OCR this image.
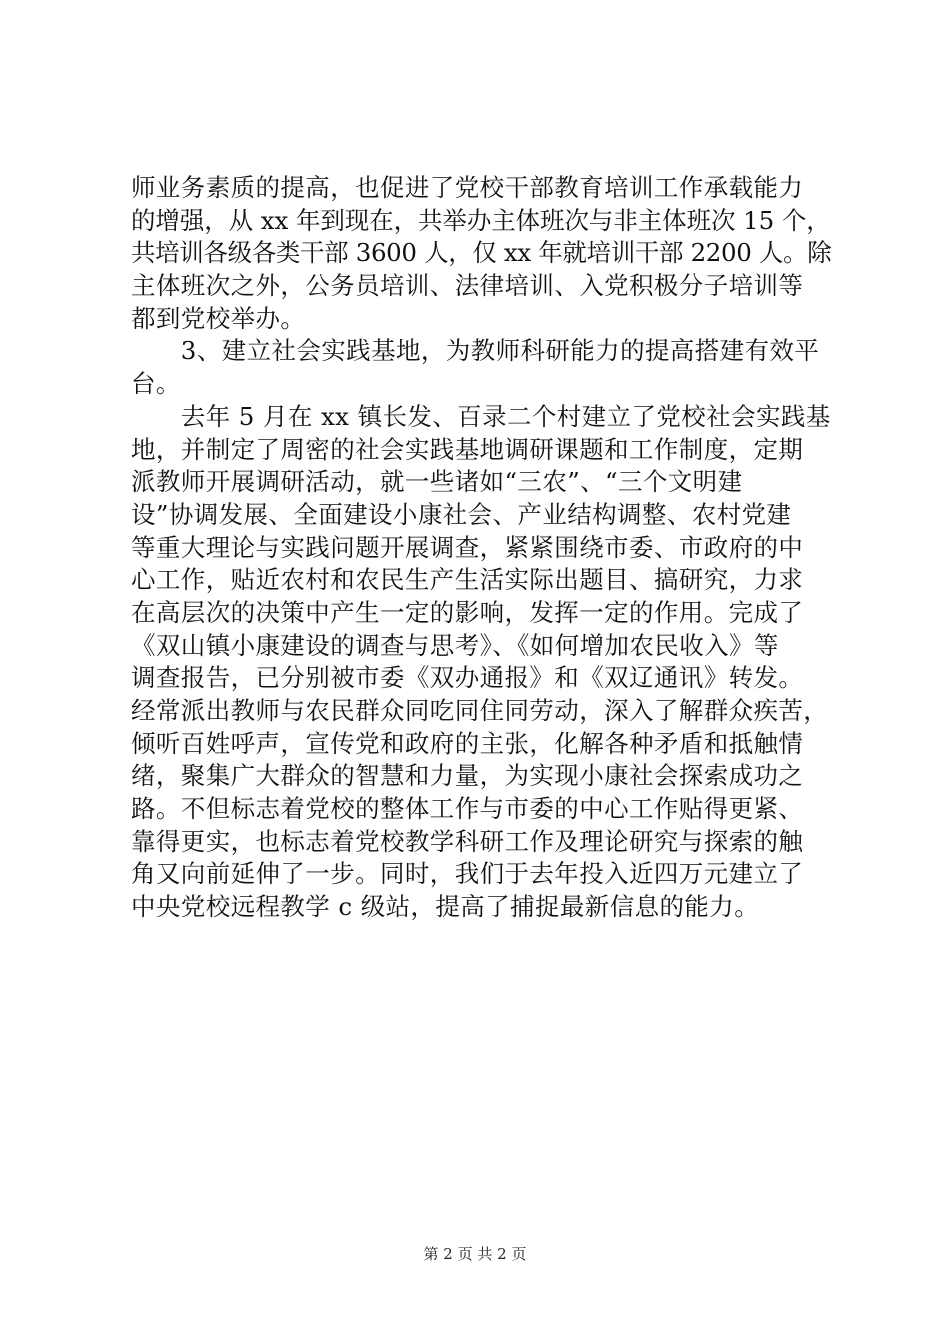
师业务素质的提高，也促进了党校干部教育培训工作承载能力
的增强，从 xx 年到现在，共举办主体班次与非主体班次 15 个，
共培训各级各类干部 3600 人，仅 xx 年就培训干部 2200 人。除
主体班次之外，公务员培训、法律培训、入党积极分子培训等
都到党校举办。
　　3、建立社会实践基地，为教师科研能力的提高搭建有效平
台。
　　去年 5 月在 xx 镇长发、百录二个村建立了党校社会实践基
地，并制定了周密的社会实践基地调研课题和工作制度，定期
派教师开展调研活动，就一些诸如“三农”、“三个文明建
设”协调发展、全面建设小康社会、产业结构调整、农村党建
等重大理论与实践问题开展调查，紧紧围绕市委、市政府的中
心工作，贴近农村和农民生产生活实际出题目、搞研究，力求
在高层次的决策中产生一定的影响，发挥一定的作用。完成了
《双山镇小康建设的调查与思考》、《如何增加农民收入》等
调查报告，已分别被市委《双办通报》和《双辽通讯》转发。
经常派出教师与农民群众同吃同住同劳动，深入了解群众疾苦，
倾听百姓呼声，宣传党和政府的主张，化解各种矛盾和抵触情
绪，聚集广大群众的智慧和力量，为实现小康社会探索成功之
路。不但标志着党校的整体工作与市委的中心工作贴得更紧、
靠得更实，也标志着党校教学科研工作及理论研究与探索的触
角又向前延伸了一步。同时，我们于去年投入近四万元建立了
中央党校远程教学 c 级站，提高了捕捉最新信息的能力。
第 2 页 共 2 页
